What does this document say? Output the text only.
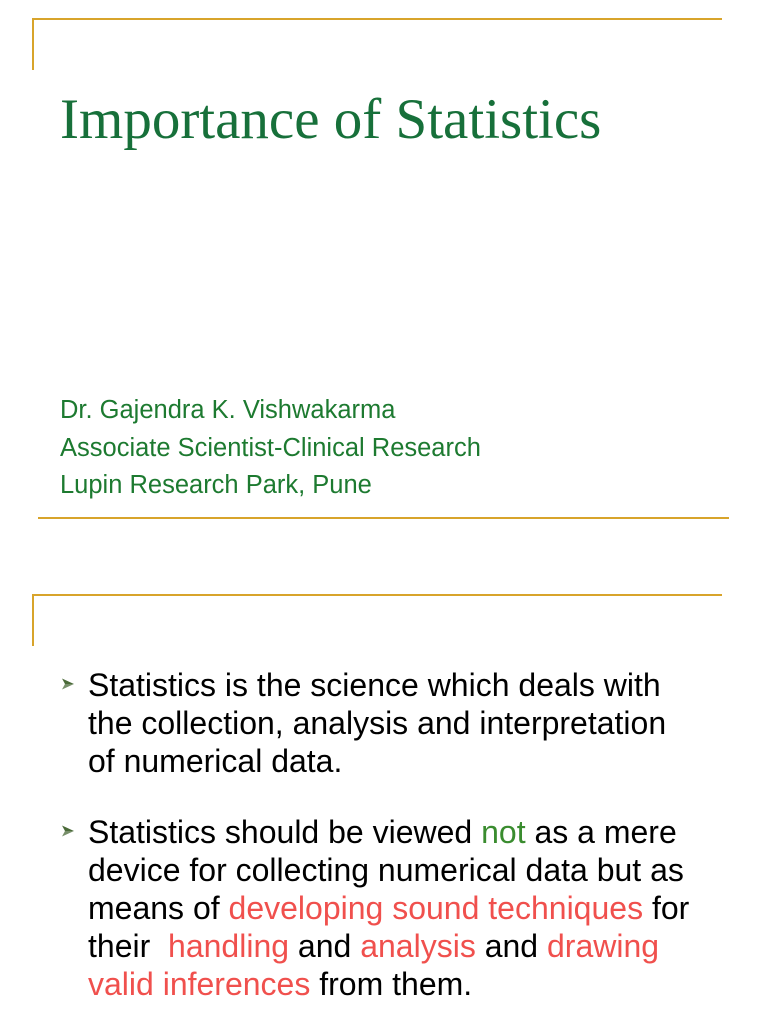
Importance of Statistics
Dr. Gajendra K. Vishwakarma
Associate Scientist-Clinical Research
Lupin Research Park, Pune
Statistics is the science which deals with
the collection, analysis and interpretation
of numerical data.
Statistics should be viewed not as a mere
device for collecting numerical data but as
means of developing sound techniques for
their  handling and analysis and drawing
valid inferences from them.
